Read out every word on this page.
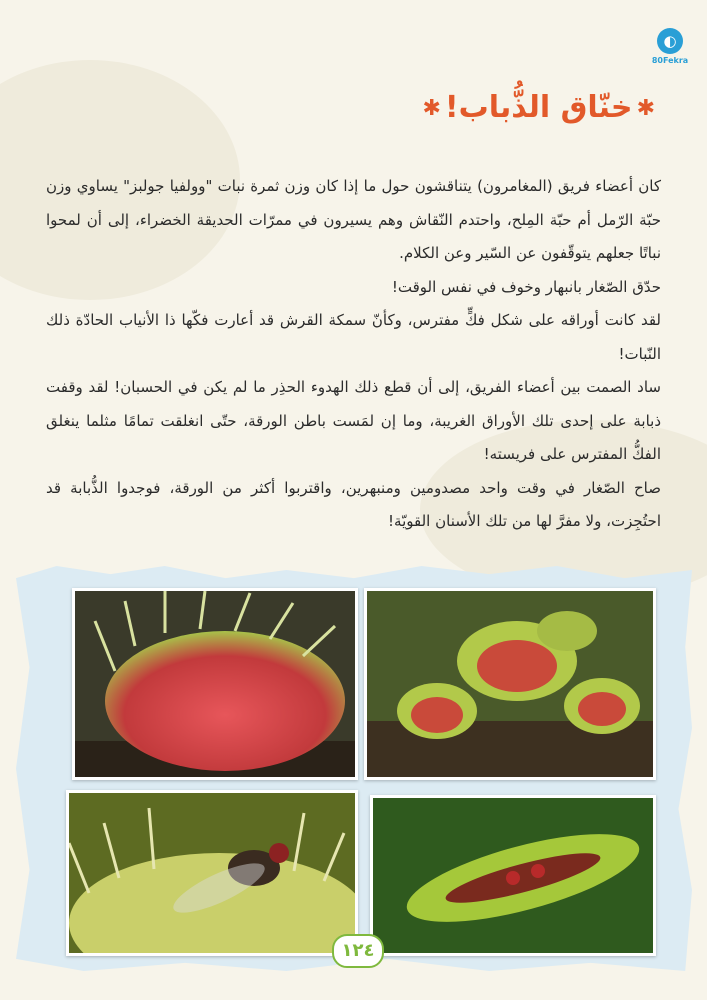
◐
80Fekra
✱خنّاق الذُّباب!✱

كان أعضاء فريق (المغامرون) يتناقشون حول ما إذا كان وزن ثمرة نبات "وولفيا جولبز" يساوي وزن حبّة الرّمل أم حبّة المِلح، واحتدم النّقاش وهم يسيرون في ممرّات الحديقة الخضراء، إلى أن لمحوا نباتًا جعلهم يتوقّفون عن السّير وعن الكلام.

حدّق الصّغار بانبهار وخوف في نفس الوقت!

لقد كانت أوراقه على شكل فكٍّ مفترس، وكأنّ سمكة القرش قد أعارت فكّها ذا الأنياب الحادّة ذلك النّبات!

ساد الصمت بين أعضاء الفريق، إلى أن قطع ذلك الهدوء الحذِر ما لم يكن في الحسبان! لقد وقفت ذبابة على إحدى تلك الأوراق الغريبة، وما إن لمَست باطن الورقة، حتّى انغلقت تمامًا مثلما ينغلق الفكُّ المفترس على فريسته!

صاح الصّغار في وقت واحد مصدومين ومنبهرين، واقتربوا أكثر من الورقة، فوجدوا الذُّبابة قد احتُجِزت، ولا مفرَّ لها من تلك الأسنان القويّة!

١٢٤
